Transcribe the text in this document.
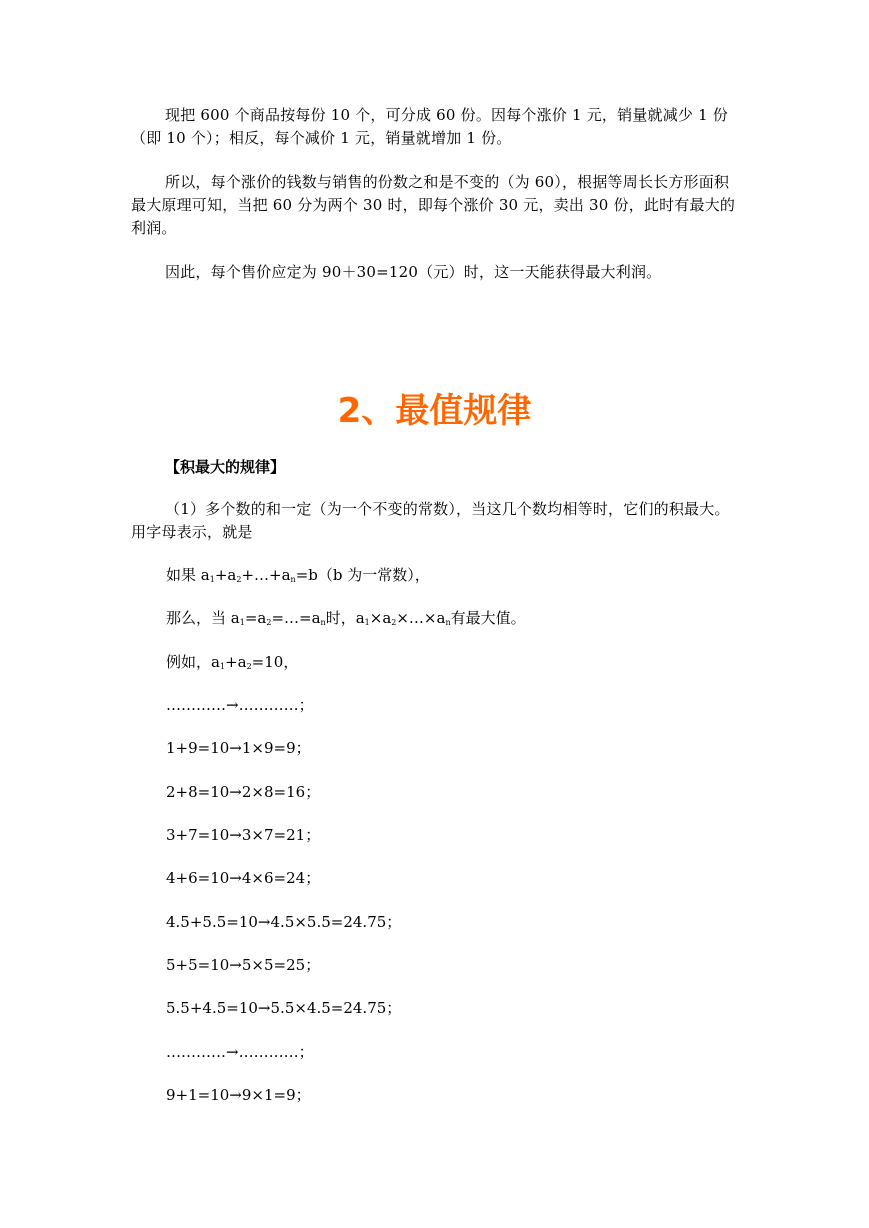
现把 600 个商品按每份 10 个，可分成 60 份。因每个涨价 1 元，销量就减少 1 份（即 10 个）；相反，每个减价 1 元，销量就增加 1 份。

所以，每个涨价的钱数与销售的份数之和是不变的（为 60），根据等周长长方形面积最大原理可知，当把 60 分为两个 30 时，即每个涨价 30 元，卖出 30 份，此时有最大的利润。

因此，每个售价应定为 90＋30=120（元）时，这一天能获得最大利润。

2、最值规律

【积最大的规律】

（1）多个数的和一定（为一个不变的常数），当这几个数均相等时，它们的积最大。用字母表示，就是

如果 $a_1+a_2+\dots+a_n=b(b$ 为一常数），

那么，当 $a_1=a_2=\dots=a_n$时，$a_1\times a_2\times\dots\times a_n$有最大值。

例如，$a_1+a_2=10$，

…………→…………；

1+9=10→1×9=9；

2+8=10→2×8=16；

3+7=10→3×7=21；

4+6=10→4×6=24；

4.5+5.5=10→4.5×5.5=24.75；

5+5=10→5×5=25；

5.5+4.5=10→5.5×4.5=24.75；

…………→…………；

9+1=10→9×1=9；
